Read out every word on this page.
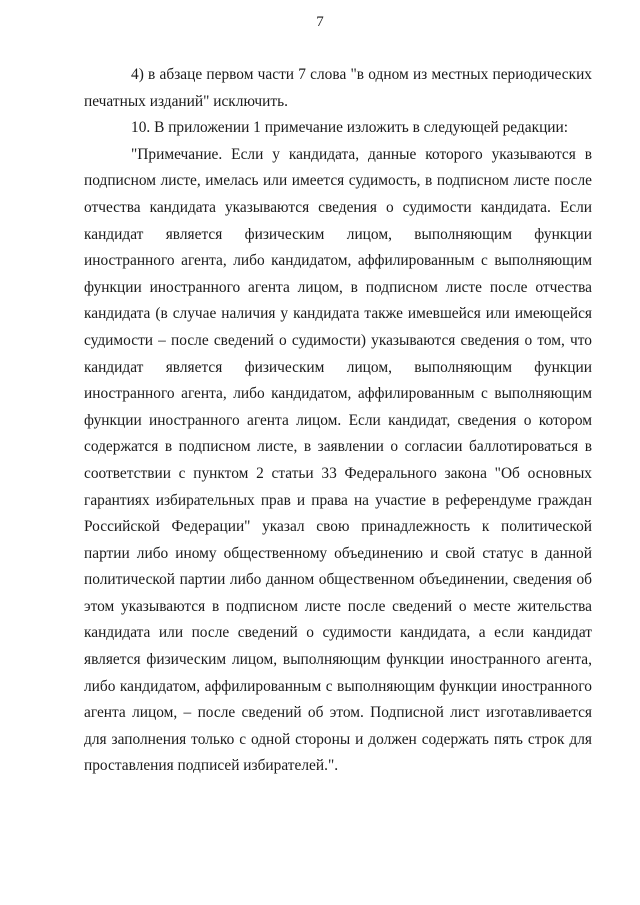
7

4) в абзаце первом части 7 слова "в одном из местных периодических печатных изданий" исключить.

10. В приложении 1 примечание изложить в следующей редакции:

"Примечание. Если у кандидата, данные которого указываются в подписном листе, имелась или имеется судимость, в подписном листе после отчества кандидата указываются сведения о судимости кандидата. Если кандидат является физическим лицом, выполняющим функции иностранного агента, либо кандидатом, аффилированным с выполняющим функции иностранного агента лицом, в подписном листе после отчества кандидата (в случае наличия у кандидата также имевшейся или имеющейся судимости – после сведений о судимости) указываются сведения о том, что кандидат является физическим лицом, выполняющим функции иностранного агента, либо кандидатом, аффилированным с выполняющим функции иностранного агента лицом. Если кандидат, сведения о котором содержатся в подписном листе, в заявлении о согласии баллотироваться в соответствии с пунктом 2 статьи 33 Федерального закона "Об основных гарантиях избирательных прав и права на участие в референдуме граждан Российской Федерации" указал свою принадлежность к политической партии либо иному общественному объединению и свой статус в данной политической партии либо данном общественном объединении, сведения об этом указываются в подписном листе после сведений о месте жительства кандидата или после сведений о судимости кандидата, а если кандидат является физическим лицом, выполняющим функции иностранного агента, либо кандидатом, аффилированным с выполняющим функции иностранного агента лицом, – после сведений об этом. Подписной лист изготавливается для заполнения только с одной стороны и должен содержать пять строк для проставления подписей избирателей.".
